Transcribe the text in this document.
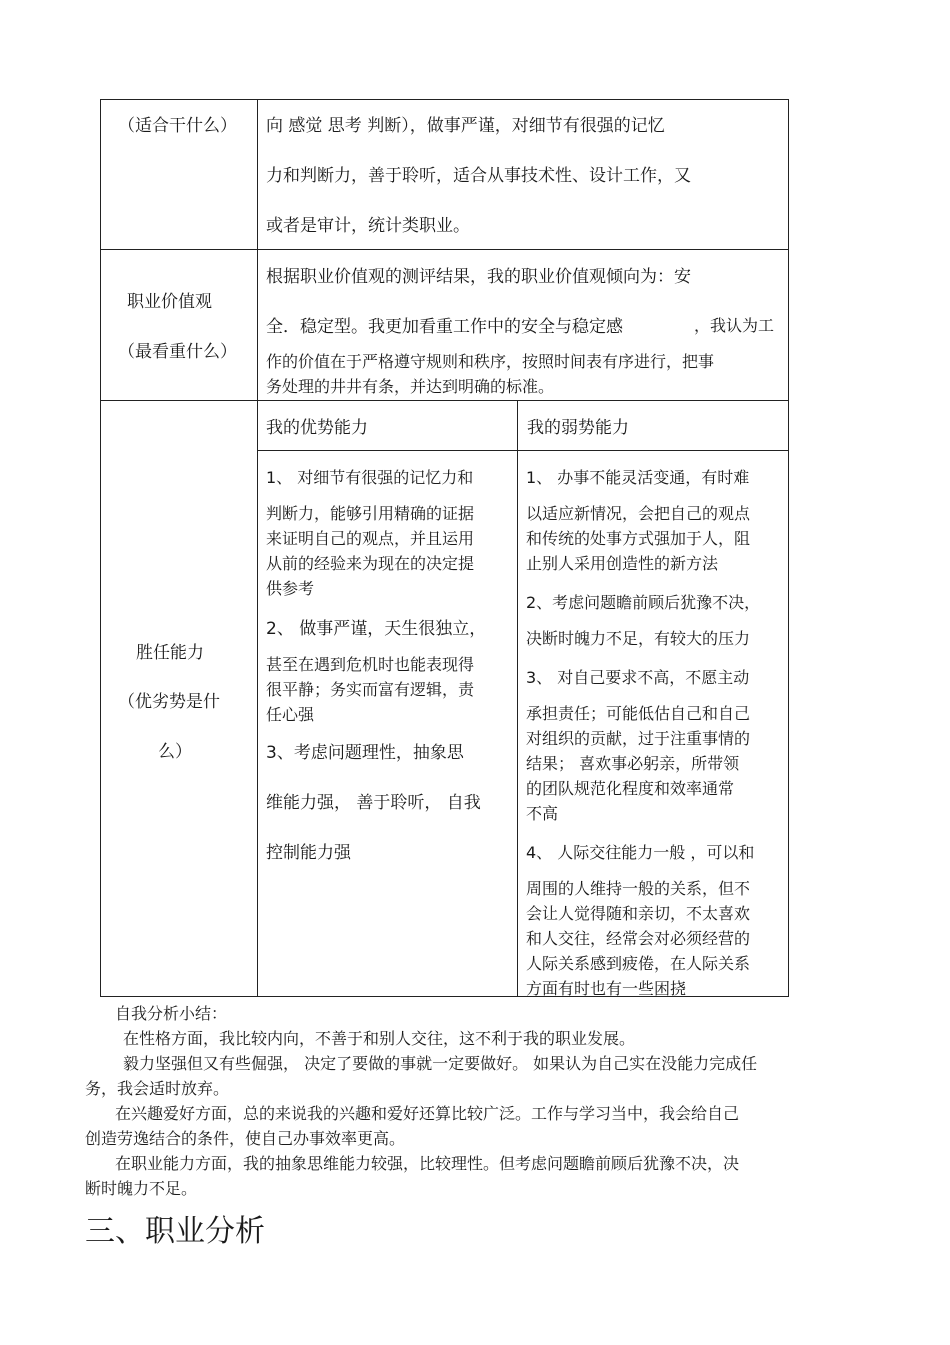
（适合干什么） 向 感觉 思考 判断），做事严谨，对细节有很强的记忆
力和判断力，善于聆听，适合从事技术性、设计工作，又
或者是审计，统计类职业。
职业价值观
（最看重什么）
根据职业价值观的测评结果，我的职业价值观倾向为：安
全．稳定型。我更加看重工作中的安全与稳定感	，我认为工
作的价值在于严格遵守规则和秩序，按照时间表有序进行，把事
务处理的井井有条，并达到明确的标准。
胜任能力
（优劣势是什
么）
我的优势能力	我的弱势能力
1、 对细节有很强的记忆力和
判断力，能够引用精确的证据
来证明自己的观点，并且运用
从前的经验来为现在的决定提
供参考
2、 做事严谨，天生很独立，
甚至在遇到危机时也能表现得
很平静；务实而富有逻辑，责
任心强
3、考虑问题理性，抽象思
维能力强， 善于聆听， 自我
控制能力强
1、 办事不能灵活变通，有时难
以适应新情况，会把自己的观点
和传统的处事方式强加于人，阻
止别人采用创造性的新方法
2、考虑问题瞻前顾后犹豫不决，
决断时魄力不足，有较大的压力
3、 对自己要求不高，不愿主动
承担责任；可能低估自己和自己
对组织的贡献，过于注重事情的
结果； 喜欢事必躬亲，所带领
的团队规范化程度和效率通常
不高
4、 人际交往能力一般 ，可以和
周围的人维持一般的关系，但不
会让人觉得随和亲切，不太喜欢
和人交往，经常会对必须经营的
人际关系感到疲倦，在人际关系
方面有时也有一些困挠
自我分析小结：
在性格方面，我比较内向，不善于和别人交往，这不利于我的职业发展。
毅力坚强但又有些倔强， 决定了要做的事就一定要做好。 如果认为自己实在没能力完成任
务，我会适时放弃。
在兴趣爱好方面，总的来说我的兴趣和爱好还算比较广泛。工作与学习当中，我会给自己
创造劳逸结合的条件，使自己办事效率更高。
在职业能力方面，我的抽象思维能力较强，比较理性。但考虑问题瞻前顾后犹豫不决，决
断时魄力不足。
三、职业分析
